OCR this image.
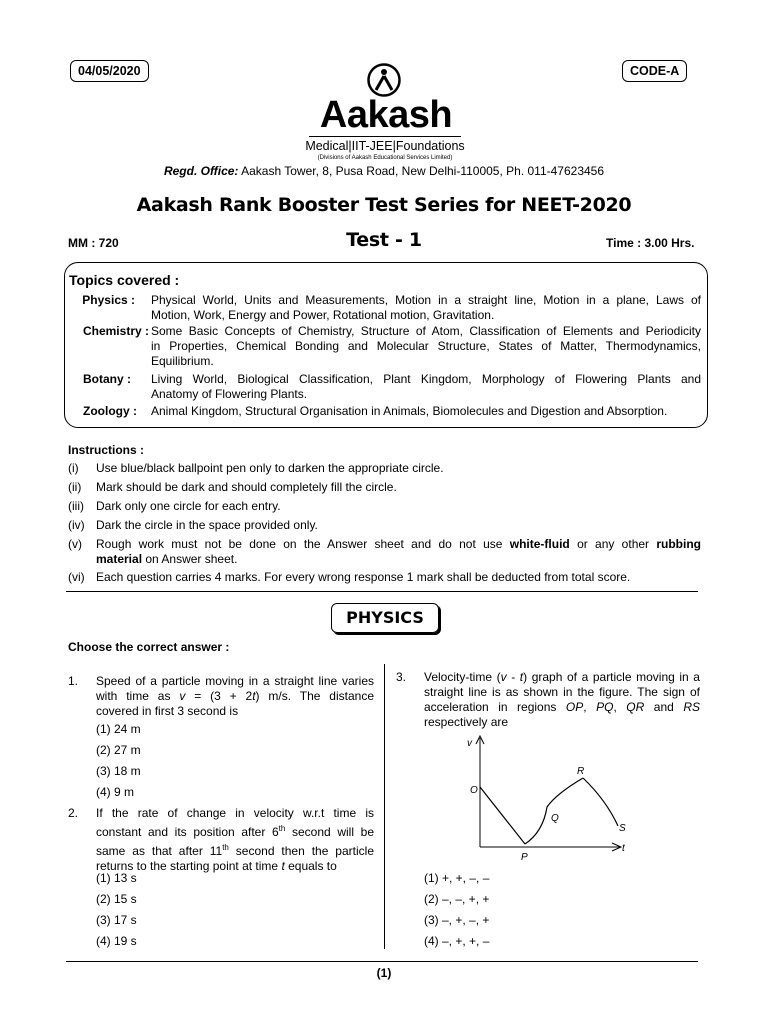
04/05/2020	CODE-A
Aakash
Medical|IIT-JEE|Foundations
(Divisions of Aakash Educational Services Limited)
Regd. Office: Aakash Tower, 8, Pusa Road, New Delhi-110005, Ph. 011-47623456
Aakash Rank Booster Test Series for NEET-2020
MM : 720	Test - 1	Time : 3.00 Hrs.
Topics covered :
Physics : Physical World, Units and Measurements, Motion in a straight line, Motion in a plane, Laws of
Motion, Work, Energy and Power, Rotational motion, Gravitation.
Chemistry : Some Basic Concepts of Chemistry, Structure of Atom, Classification of Elements and Periodicity
in Properties, Chemical Bonding and Molecular Structure, States of Matter, Thermodynamics,
Equilibrium.
Botany : Living World, Biological Classification, Plant Kingdom, Morphology of Flowering Plants and
Anatomy of Flowering Plants.
Zoology : Animal Kingdom, Structural Organisation in Animals, Biomolecules and Digestion and Absorption.
Instructions :
(i) Use blue/black ballpoint pen only to darken the appropriate circle.
(ii) Mark should be dark and should completely fill the circle.
(iii) Dark only one circle for each entry.
(iv) Dark the circle in the space provided only.
(v) Rough work must not be done on the Answer sheet and do not use white-fluid or any other rubbing
material on Answer sheet.
(vi) Each question carries 4 marks. For every wrong response 1 mark shall be deducted from total score.
PHYSICS
Choose the correct answer :
1. Speed of a particle moving in a straight line varies
with time as v = (3 + 2t) m/s. The distance
covered in first 3 second is
(1) 24 m
(2) 27 m
(3) 18 m
(4) 9 m
2. If the rate of change in velocity w.r.t time is
constant and its position after 6th second will be
same as that after 11th second then the particle
returns to the starting point at time t equals to
(1) 13 s
(2) 15 s
(3) 17 s
(4) 19 s
3. Velocity-time (v - t) graph of a particle moving in a
straight line is as shown in the figure. The sign of
acceleration in regions OP, PQ, QR and RS
respectively are
v
t
O
P
Q
R
S
(1) +, +, –, –
(2) –, –, +, +
(3) –, +, –, +
(4) –, +, +, –
(1)
